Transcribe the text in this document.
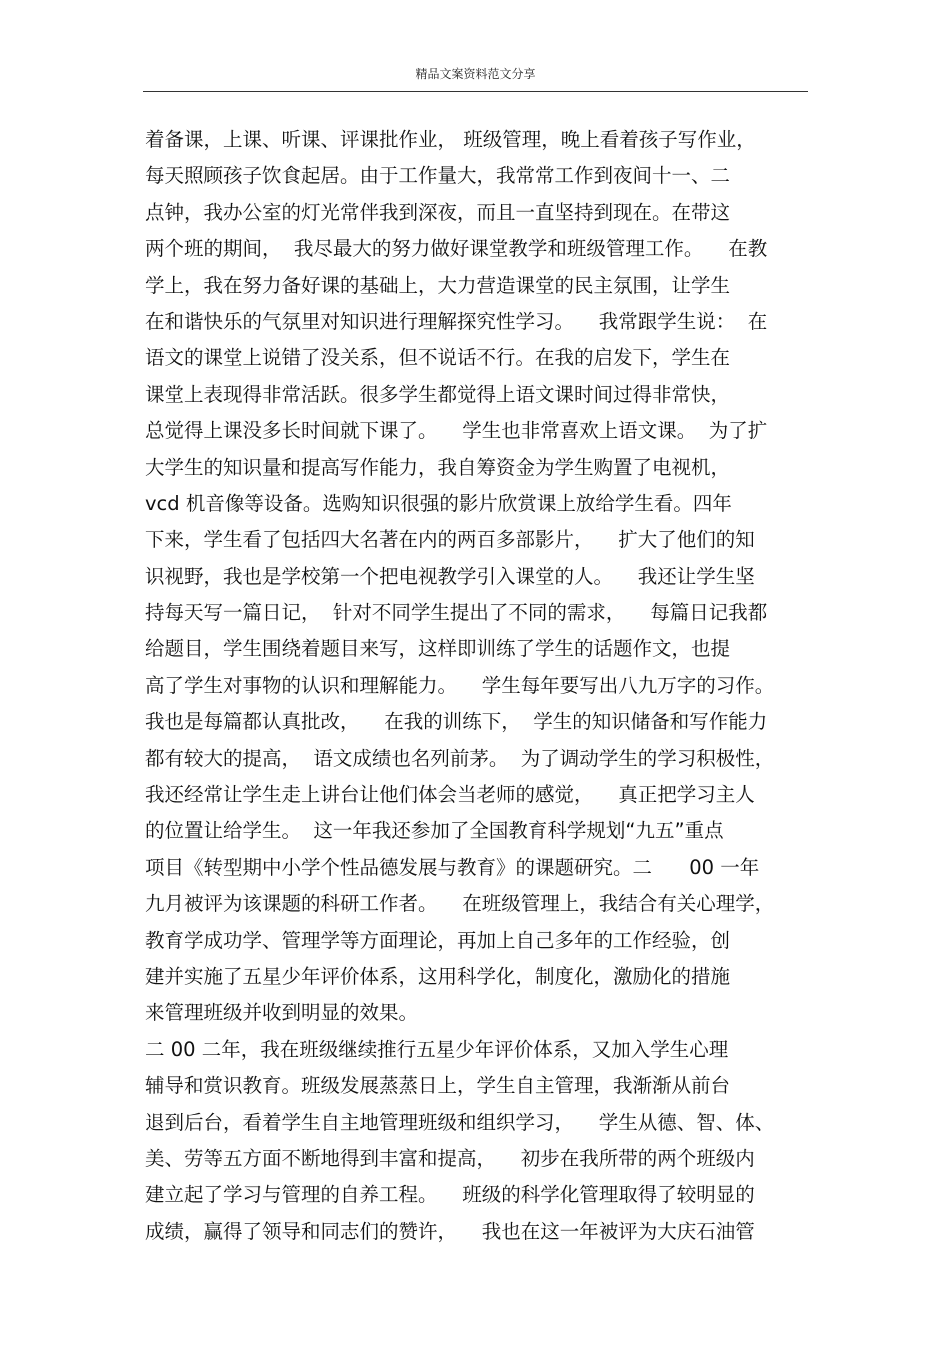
精品文案资料范文分享
着备课，上课、听课、评课批作业， 班级管理，晚上看着孩子写作业，
每天照顾孩子饮食起居。由于工作量大，我常常工作到夜间十一、二
点钟，我办公室的灯光常伴我到深夜，而且一直坚持到现在。在带这
两个班的期间，  我尽最大的努力做好课堂教学和班级管理工作。    在教
学上，我在努力备好课的基础上，大力营造课堂的民主氛围，让学生
在和谐快乐的气氛里对知识进行理解探究性学习。    我常跟学生说：  在
语文的课堂上说错了没关系，但不说话不行。在我的启发下，学生在
课堂上表现得非常活跃。很多学生都觉得上语文课时间过得非常快，
总觉得上课没多长时间就下课了。    学生也非常喜欢上语文课。  为了扩
大学生的知识量和提高写作能力，我自筹资金为学生购置了电视机，
vcd 机音像等设备。选购知识很强的影片欣赏课上放给学生看。四年
下来，学生看了包括四大名著在内的两百多部影片，    扩大了他们的知
识视野，我也是学校第一个把电视教学引入课堂的人。    我还让学生坚
持每天写一篇日记，  针对不同学生提出了不同的需求，    每篇日记我都
给题目，学生围绕着题目来写，这样即训练了学生的话题作文，也提
高了学生对事物的认识和理解能力。    学生每年要写出八九万字的习作。
我也是每篇都认真批改，    在我的训练下，  学生的知识储备和写作能力
都有较大的提高，  语文成绩也名列前茅。  为了调动学生的学习积极性，
我还经常让学生走上讲台让他们体会当老师的感觉，    真正把学习主人
的位置让给学生。  这一年我还参加了全国教育科学规划“九五”重点
项目《转型期中小学个性品德发展与教育》的课题研究。二      00 一年
九月被评为该课题的科研工作者。    在班级管理上，我结合有关心理学，
教育学成功学、管理学等方面理论，再加上自己多年的工作经验，创
建并实施了五星少年评价体系，这用科学化，制度化，激励化的措施
来管理班级并收到明显的效果。
二 00 二年，我在班级继续推行五星少年评价体系，又加入学生心理
辅导和赏识教育。班级发展蒸蒸日上，学生自主管理，我渐渐从前台
退到后台，看着学生自主地管理班级和组织学习，    学生从德、智、体、
美、劳等五方面不断地得到丰富和提高，    初步在我所带的两个班级内
建立起了学习与管理的自养工程。    班级的科学化管理取得了较明显的
成绩，赢得了领导和同志们的赞许，    我也在这一年被评为大庆石油管
